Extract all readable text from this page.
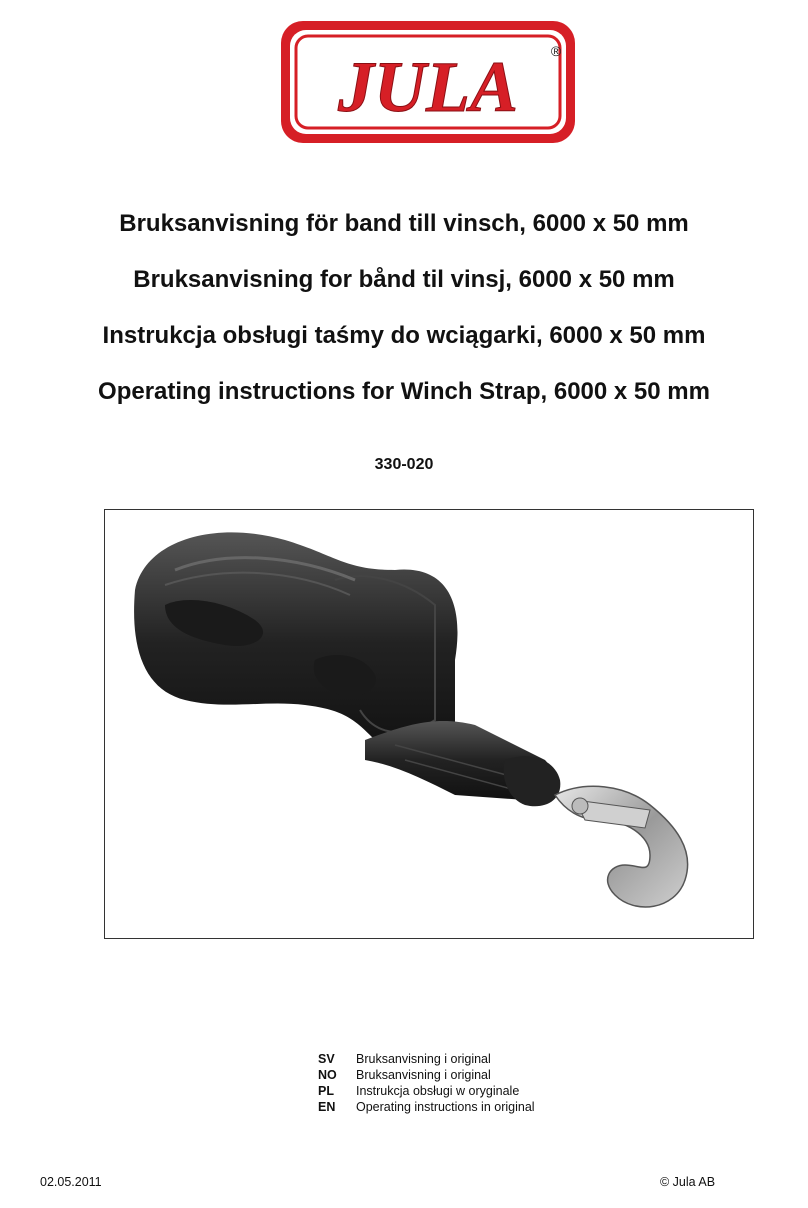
JULA ®
Bruksanvisning för band till vinsch, 6000 x 50 mm
Bruksanvisning for bånd til vinsj, 6000 x 50 mm
Instrukcja obsługi taśmy do wciągarki, 6000 x 50 mm
Operating instructions for Winch Strap, 6000 x 50 mm
330-020
SV	Bruksanvisning i original
NO	Bruksanvisning i original
PL	Instrukcja obsługi w oryginale
EN	Operating instructions in original
02.05.2011	© Jula AB
